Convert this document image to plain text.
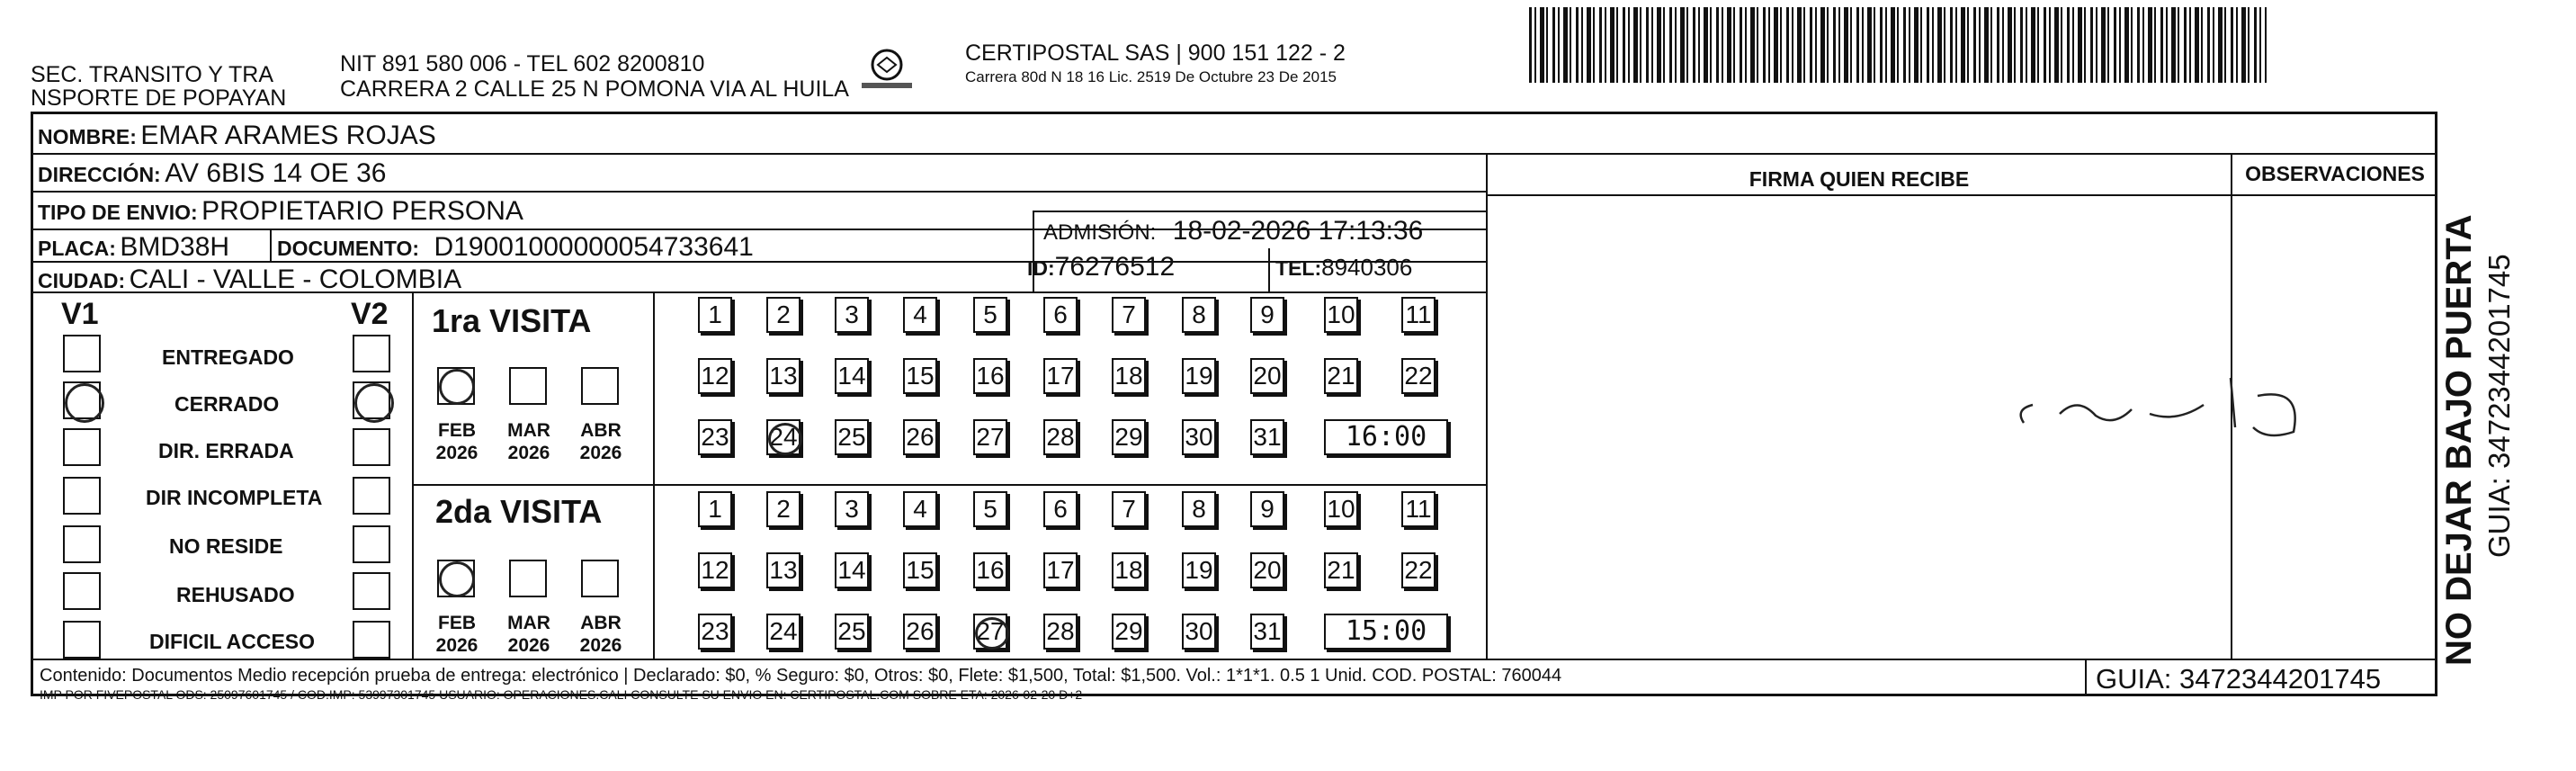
SEC. TRANSITO Y TRA
NSPORTE DE POPAYAN
NIT 891 580 006 - TEL 602 8200810
CARRERA 2 CALLE 25 N POMONA VIA AL HUILA
CERTIPOSTAL SAS | 900 151 122 - 2
Carrera 80d N 18 16 Lic. 2519 De Octubre 23 De 2015
NOMBRE: EMAR ARAMES ROJAS
DIRECCIÓN: AV 6BIS 14 OE 36
TIPO DE ENVIO: PROPIETARIO PERSONA
PLACA: BMD38H DOCUMENTO: D19001000000054733641	ADMISIÓN: 18-02-2026 17:13:36
ID:76276512	TEL:8940306
CIUDAD: CALI - VALLE - COLOMBIA
FIRMA QUIEN RECIBE	OBSERVACIONES
V1	V2
ENTREGADO
CERRADO
DIR. ERRADA
DIR INCOMPLETA
NO RESIDE
REHUSADO
DIFICIL ACCESO
1ra VISITA
FEB
2026
MAR
2026
ABR
2026
1	2	3	4	5	6	7	8	9	10 11
12 13 14 15 16 17 18 19 20 21 22
23 24 25 26 27 28 29 30 31	16:00
2da VISITA
FEB
2026
MAR
2026
ABR
2026
1	2	3	4	5	6	7	8	9	10 11
12 13 14 15 16 17 18 19 20 21 22
23 24 25 26 27 28 29 30 31	15:00
Contenido: Documentos Medio recepción prueba de entrega: electrónico | Declarado: $0, % Seguro: $0, Otros: $0, Flete: $1,500, Total: $1,500. Vol.: 1*1*1. 0.5 1 Unid. COD. POSTAL: 760044
IMP POR FIVEPOSTAL ODS: 25097601745 / COD.IMP: 53997301745 USUARIO: OPERACIONES.CALI CONSULTE SU ENVIO EN: CERTIPOSTAL.COM SOBRE ETA: 2026-02-20 D+2	GUIA: 3472344201745
NO DEJAR BAJO PUERTA GUIA: 3472344201745
